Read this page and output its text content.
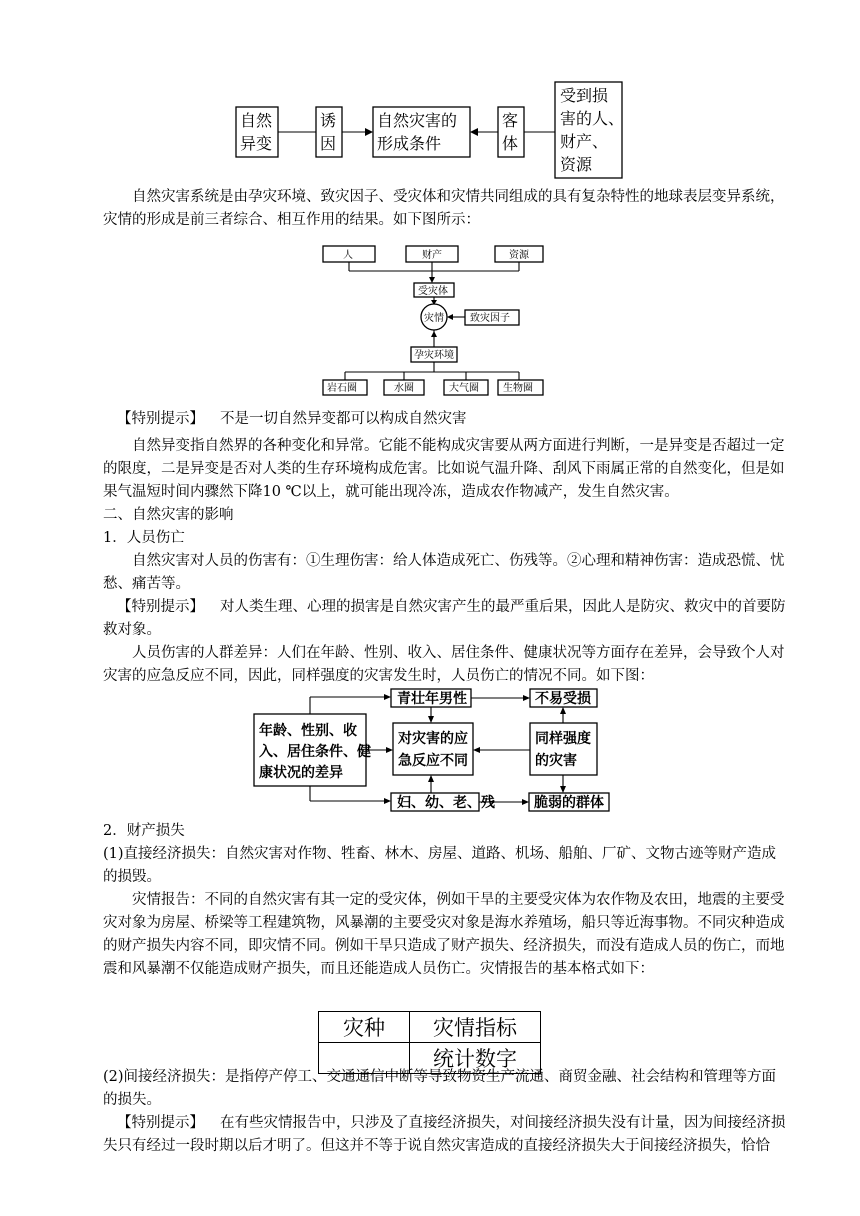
自然
异变
诱
因
自然灾害的
形成条件
客
体
受到损
害的人、
财产、
资源

自然灾害系统是由孕灾环境、致灾因子、受灾体和灾情共同组成的具有复杂特性的地球表层变异系统，灾情的形成是前三者综合、相互作用的结果。如下图所示：

人	财产	资源
受灾体
灾情	致灾因子
孕灾环境
岩石圈	水圈	大气圈 生物圈
【特别提示】 不是一切自然异变都可以构成自然灾害

自然异变指自然界的各种变化和异常。它能不能构成灾害要从两方面进行判断，一是异变是否超过一定的限度，二是异变是否对人类的生存环境构成危害。比如说气温升降、刮风下雨属正常的自然变化，但是如果气温短时间内骤然下降10 ℃以上，就可能出现冷冻，造成农作物减产，发生自然灾害。

二、自然灾害的影响
1．人员伤亡

自然灾害对人员的伤害有：①生理伤害：给人体造成死亡、伤残等。②心理和精神伤害：造成恐慌、忧愁、痛苦等。

【特别提示】 对人类生理、心理的损害是自然灾害产生的最严重后果，因此人是防灾、救灾中的首要防救对象。

人员伤害的人群差异：人们在年龄、性别、收入、居住条件、健康状况等方面存在差异，会导致个人对灾害的应急反应不同，因此，同样强度的灾害发生时，人员伤亡的情况不同。如下图：

年龄、性别、收
入、居住条件、健
康状况的差异
青壮年男性
对灾害的应
急反应不同
妇、幼、老、残
不易受损
同样强度
的灾害
脆弱的群体
2．财产损失

(1)直接经济损失：自然灾害对作物、牲畜、林木、房屋、道路、机场、船舶、厂矿、文物古迹等财产造成的损毁。

灾情报告：不同的自然灾害有其一定的受灾体，例如干旱的主要受灾体为农作物及农田，地震的主要受灾对象为房屋、桥梁等工程建筑物，风暴潮的主要受灾对象是海水养殖场，船只等近海事物。不同灾种造成的财产损失内容不同，即灾情不同。例如干旱只造成了财产损失、经济损失，而没有造成人员的伤亡，而地震和风暴潮不仅能造成财产损失，而且还能造成人员伤亡。灾情报告的基本格式如下：

灾种	灾情指标
	统计数字

(2)间接经济损失：是指停产停工、交通通信中断等导致物资生产流通、商贸金融、社会结构和管理等方面的损失。

【特别提示】 在有些灾情报告中，只涉及了直接经济损失，对间接经济损失没有计量，因为间接经济损失只有经过一段时期以后才明了。但这并不等于说自然灾害造成的直接经济损失大于间接经济损失，恰恰
